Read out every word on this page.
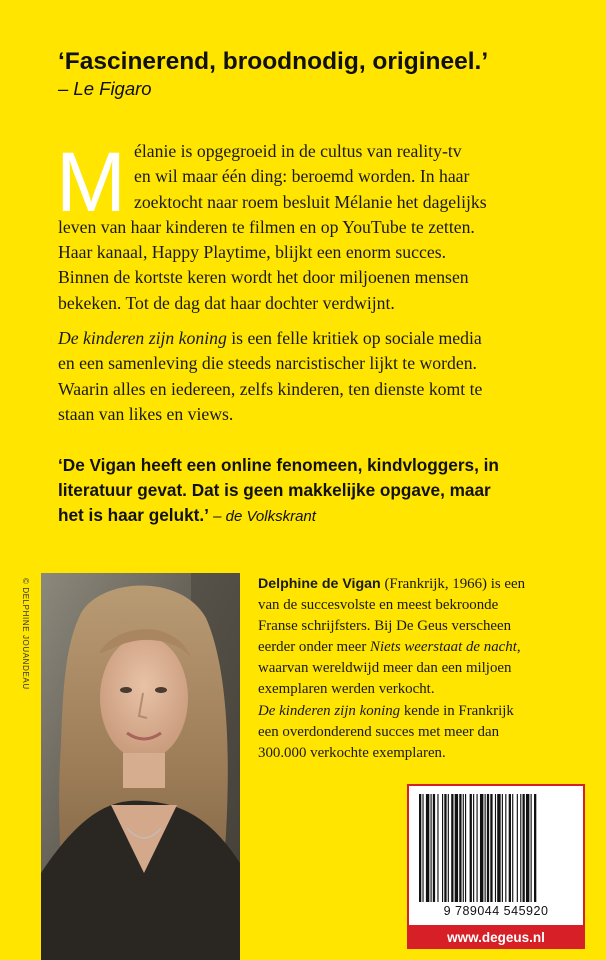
‘Fascinerend, broodnodig, origineel.’
– Le Figaro
M élanie is opgegroeid in de cultus van reality-tv
en wil maar één ding: beroemd worden. In haar
zoektocht naar roem besluit Mélanie het dagelijks
leven van haar kinderen te filmen en op YouTube te zetten.
Haar kanaal, Happy Playtime, blijkt een enorm succes.
Binnen de kortste keren wordt het door miljoenen mensen
bekeken. Tot de dag dat haar dochter verdwijnt.
De kinderen zijn koning is een felle kritiek op sociale media
en een samenleving die steeds narcistischer lijkt te worden.
Waarin alles en iedereen, zelfs kinderen, ten dienste komt te
staan van likes en views.
‘De Vigan heeft een online fenomeen, kindvloggers, in
literatuur gevat. Dat is geen makkelijke opgave, maar
het is haar gelukt.’ – de Volkskrant
© DELPHINE JOUANDEAU	Delphine de Vigan (Frankrijk, 1966) is een
van de succesvolste en meest bekroonde
Franse schrijfsters. Bij De Geus verscheen
eerder onder meer Niets weerstaat de nacht,
waarvan wereldwijd meer dan een miljoen
exemplaren werden verkocht.
De kinderen zijn koning kende in Frankrijk
een overdonderend succes met meer dan
300.000 verkochte exemplaren.
9 789044 545920
www.degeus.nl
